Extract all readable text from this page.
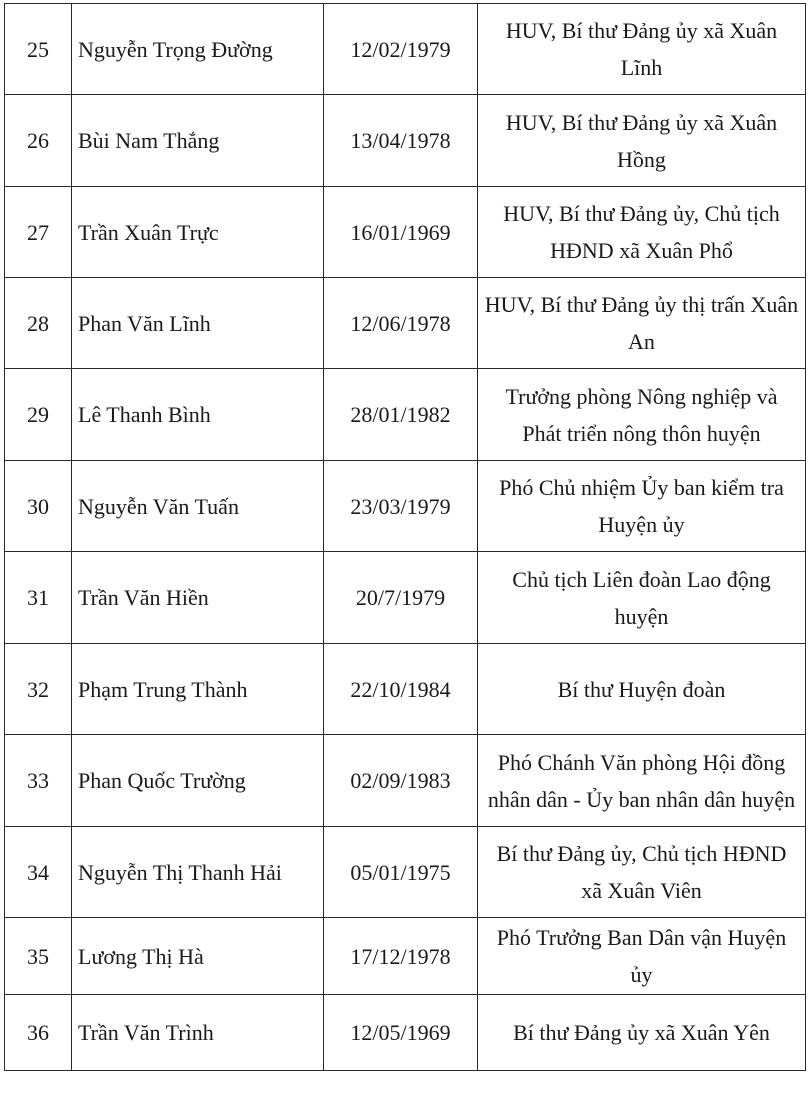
25	Nguyễn Trọng Đường	12/02/1979	HUV, Bí thư Đảng ủy xã Xuân Lĩnh
26	Bùi Nam Thắng	13/04/1978	HUV, Bí thư Đảng ủy xã Xuân Hồng
27	Trần Xuân Trực	16/01/1969	HUV, Bí thư Đảng ủy, Chủ tịch HĐND xã Xuân Phổ
28	Phan Văn Lĩnh	12/06/1978	HUV, Bí thư Đảng ủy thị trấn Xuân An
29	Lê Thanh Bình	28/01/1982	Trưởng phòng Nông nghiệp và Phát triển nông thôn huyện
30	Nguyễn Văn Tuấn	23/03/1979	Phó Chủ nhiệm Ủy ban kiểm tra Huyện ủy
31	Trần Văn Hiền	20/7/1979	Chủ tịch Liên đoàn Lao động huyện
32	Phạm Trung Thành	22/10/1984	Bí thư Huyện đoàn
33	Phan Quốc Trường	02/09/1983	Phó Chánh Văn phòng Hội đồng nhân dân - Ủy ban nhân dân huyện
34	Nguyễn Thị Thanh Hải	05/01/1975	Bí thư Đảng ủy, Chủ tịch HĐND xã Xuân Viên
35	Lương Thị Hà	17/12/1978	Phó Trưởng Ban Dân vận Huyện ủy
36	Trần Văn Trình	12/05/1969	Bí thư Đảng ủy xã Xuân Yên
